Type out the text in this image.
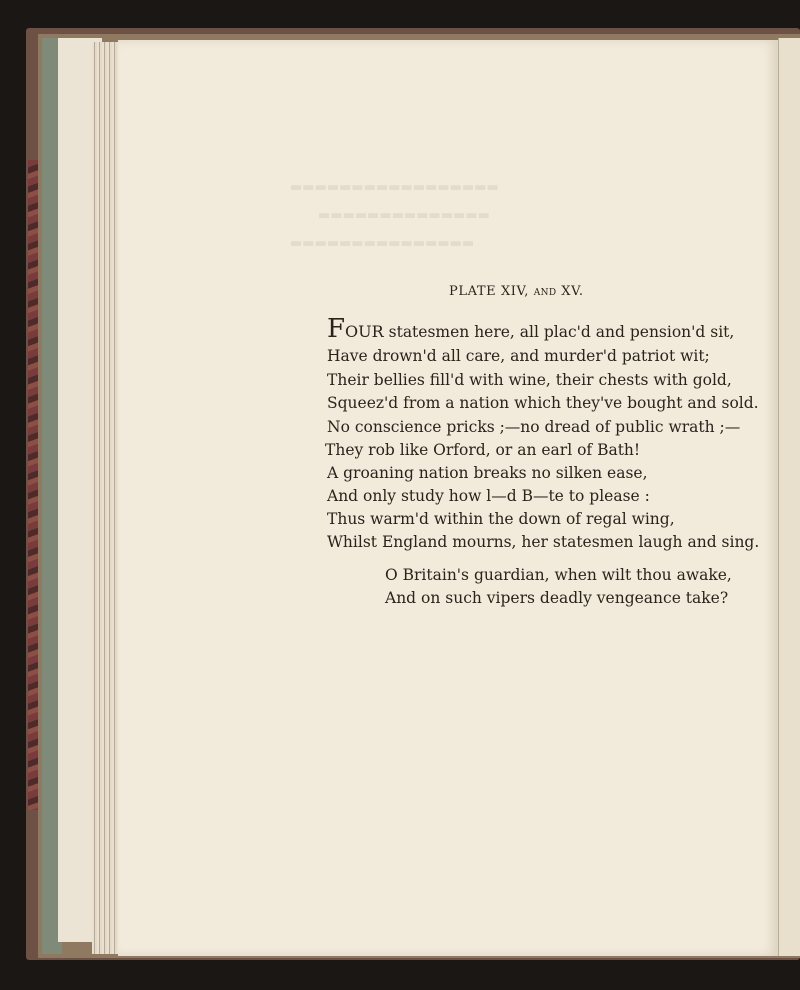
▬▬▬▬▬▬▬▬▬▬▬▬▬▬▬▬▬
▬▬▬▬▬▬▬▬▬▬▬▬▬▬
▬▬▬▬▬▬▬▬▬▬▬▬▬▬▬
PLATE XIV, AND XV.
FOUR statesmen here, all plac'd and pension'd sit,
Have drown'd all care, and murder'd patriot wit;
Their bellies fill'd with wine, their chests with gold,
Squeez'd from a nation which they've bought and sold.
No conscience pricks ;—no dread of public wrath ;—
They rob like Orford, or an earl of Bath!
A groaning nation breaks no silken ease,
And only study how l—d B—te to please :
Thus warm'd within the down of regal wing,
Whilst England mourns, her statesmen laugh and sing.
O Britain's guardian, when wilt thou awake,
And on such vipers deadly vengeance take?
